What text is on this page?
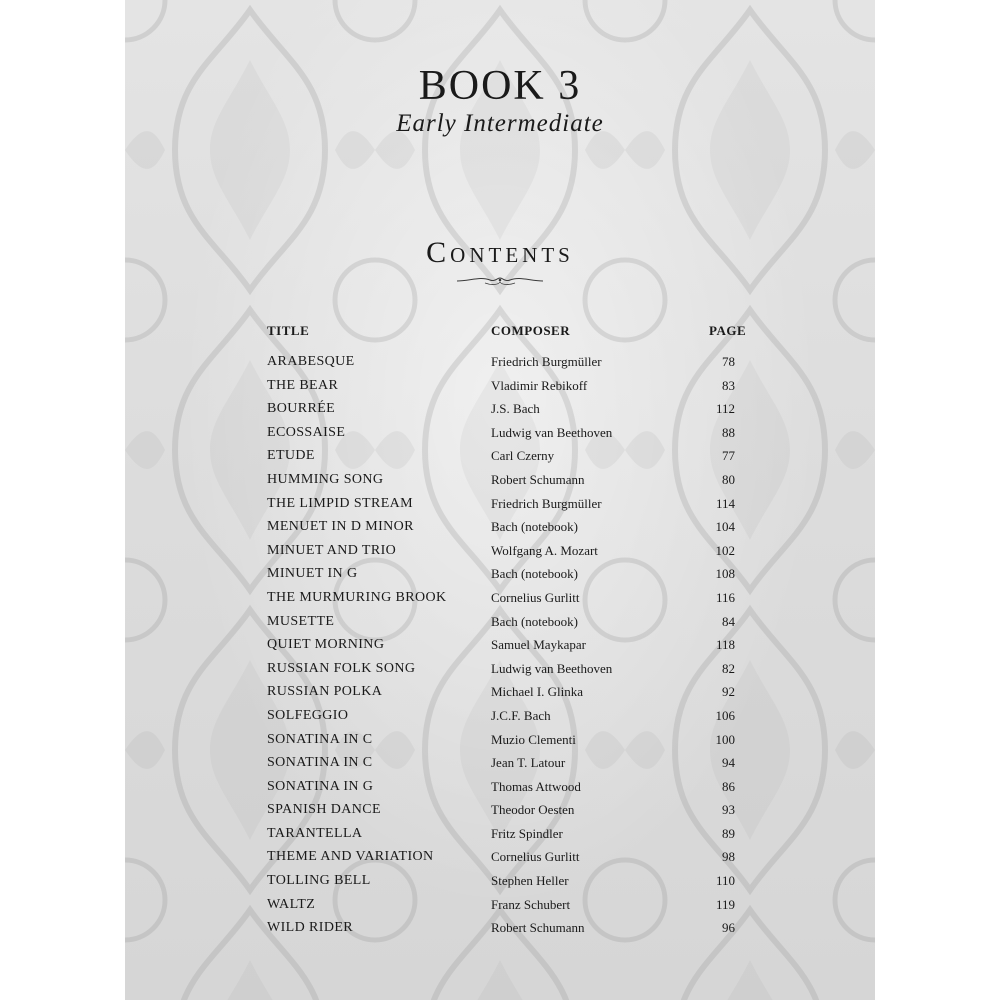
BOOK 3
Early Intermediate
Contents
TITLE	COMPOSER	PAGE
ARABESQUE	Friedrich Burgmüller	78
THE BEAR	Vladimir Rebikoff	83
BOURRÉE	J.S. Bach	112
ECOSSAISE	Ludwig van Beethoven	88
ETUDE	Carl Czerny	77
HUMMING SONG	Robert Schumann	80
THE LIMPID STREAM	Friedrich Burgmüller	114
MENUET IN D MINOR	Bach (notebook)	104
MINUET AND TRIO	Wolfgang A. Mozart	102
MINUET IN G	Bach (notebook)	108
THE MURMURING BROOK	Cornelius Gurlitt	116
MUSETTE	Bach (notebook)	84
QUIET MORNING	Samuel Maykapar	118
RUSSIAN FOLK SONG	Ludwig van Beethoven	82
RUSSIAN POLKA	Michael I. Glinka	92
SOLFEGGIO	J.C.F. Bach	106
SONATINA IN C	Muzio Clementi	100
SONATINA IN C	Jean T. Latour	94
SONATINA IN G	Thomas Attwood	86
SPANISH DANCE	Theodor Oesten	93
TARANTELLA	Fritz Spindler	89
THEME AND VARIATION	Cornelius Gurlitt	98
TOLLING BELL	Stephen Heller	110
WALTZ	Franz Schubert	119
WILD RIDER	Robert Schumann	96
